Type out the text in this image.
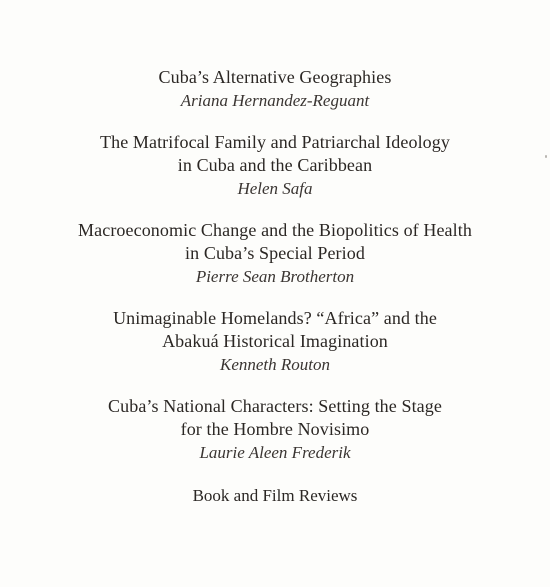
Cuba’s Alternative Geographies
Ariana Hernandez-Reguant
The Matrifocal Family and Patriarchal Ideology
in Cuba and the Caribbean
Helen Safa
Macroeconomic Change and the Biopolitics of Health
in Cuba’s Special Period
Pierre Sean Brotherton
Unimaginable Homelands? “Africa” and the
Abakuá Historical Imagination
Kenneth Routon
Cuba’s National Characters: Setting the Stage
for the Hombre Novisimo
Laurie Aleen Frederik
Book and Film Reviews
